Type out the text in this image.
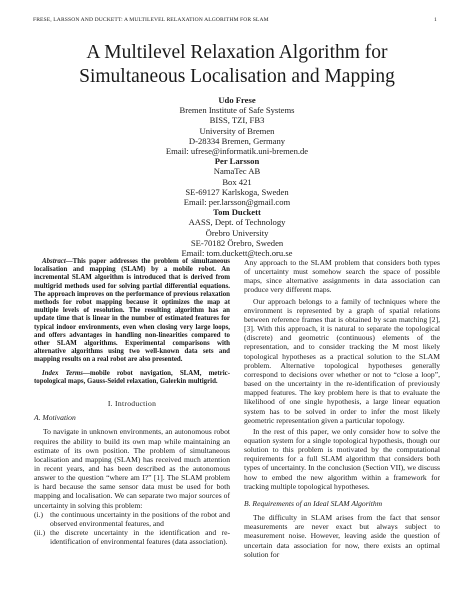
FRESE, LARSSON AND DUCKETT: A MULTILEVEL RELAXATION ALGORITHM FOR SLAM	1
A Multilevel Relaxation Algorithm for
Simultaneous Localisation and Mapping
Udo Frese
Bremen Institute of Safe Systems
BISS, TZI, FB3
University of Bremen
D-28334 Bremen, Germany
Email: ufrese@informatik.uni-bremen.de
Per Larsson
NamaTec AB
Box 421
SE-69127 Karlskoga, Sweden
Email: per.larsson@gmail.com
Tom Duckett
AASS, Dept. of Technology
Örebro University
SE-70182 Örebro, Sweden
Email: tom.duckett@tech.oru.se

Abstract—This paper addresses the problem of simultaneous localisation and mapping (SLAM) by a mobile robot. An incremental SLAM algorithm is introduced that is derived from multigrid methods used for solving partial differential equations. The approach improves on the performance of previous relaxation methods for robot mapping because it optimizes the map at multiple levels of resolution. The resulting algorithm has an update time that is linear in the number of estimated features for typical indoor environments, even when closing very large loops, and offers advantages in handling non-linearities compared to other SLAM algorithms. Experimental comparisons with alternative algorithms using two well-known data sets and mapping results on a real robot are also presented.

Index Terms—mobile robot navigation, SLAM, metric-topological maps, Gauss-Seidel relaxation, Galerkin multigrid.

I. Introduction
A. Motivation

To navigate in unknown environments, an autonomous robot requires the ability to build its own map while maintaining an estimate of its own position. The problem of simultaneous localisation and mapping (SLAM) has received much attention in recent years, and has been described as the autonomous answer to the question “where am I?” [1]. The SLAM problem is hard because the same sensor data must be used for both mapping and localisation. We can separate two major sources of uncertainty in solving this problem:

(i.) the continuous uncertainty in the positions of the robot and observed environmental features, and
(ii.) the discrete uncertainty in the identification and re-identification of environmental features (data association).

Any approach to the SLAM problem that considers both types of uncertainty must somehow search the space of possible maps, since alternative assignments in data association can produce very different maps.

Our approach belongs to a family of techniques where the environment is represented by a graph of spatial relations between reference frames that is obtained by scan matching [2], [3]. With this approach, it is natural to separate the topological (discrete) and geometric (continuous) elements of the representation, and to consider tracking the M most likely topological hypotheses as a practical solution to the SLAM problem. Alternative topological hypotheses generally correspond to decisions over whether or not to “close a loop”, based on the uncertainty in the re-identification of previously mapped features. The key problem here is that to evaluate the likelihood of one single hypothesis, a large linear equation system has to be solved in order to infer the most likely geometric representation given a particular topology.

In the rest of this paper, we only consider how to solve the equation system for a single topological hypothesis, though our solution to this problem is motivated by the computational requirements for a full SLAM algorithm that considers both types of uncertainty. In the conclusion (Section VII), we discuss how to embed the new algorithm within a framework for tracking multiple topological hypotheses.

B. Requirements of an Ideal SLAM Algorithm

The difficulty in SLAM arises from the fact that sensor measurements are never exact but always subject to measurement noise. However, leaving aside the question of uncertain data association for now, there exists an optimal solution for
